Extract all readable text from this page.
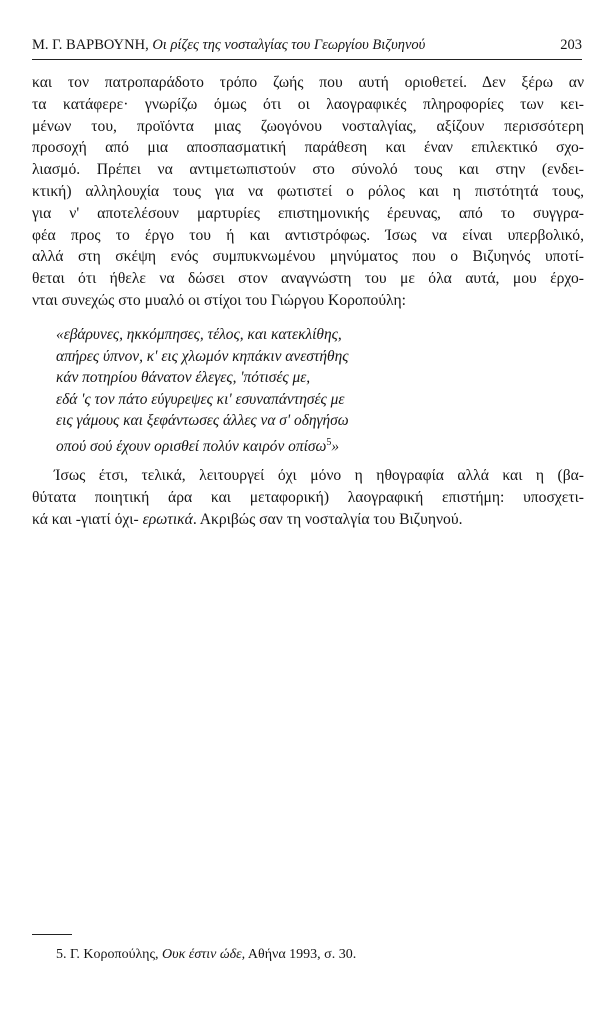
Μ. Γ. ΒΑΡΒΟΥΝΗ, Οι ρίζες της νοσταλγίας του Γεωργίου Βιζυηνού	203
και τον πατροπαράδοτο τρόπο ζωής που αυτή οριοθετεί. Δεν ξέρω αν
τα κατάφερε· γνωρίζω όμως ότι οι λαογραφικές πληροφορίες των κει-
μένων του, προϊόντα μιας ζωογόνου νοσταλγίας, αξίζουν περισσότερη
προσοχή από μια αποσπασματική παράθεση και έναν επιλεκτικό σχο-
λιασμό. Πρέπει να αντιμετωπιστούν στο σύνολό τους και στην (ενδει-
κτική) αλληλουχία τους για να φωτιστεί ο ρόλος και η πιστότητά τους,
για ν' αποτελέσουν μαρτυρίες επιστημονικής έρευνας, από το συγγρα-
φέα προς το έργο του ή και αντιστρόφως. Ίσως να είναι υπερβολικό,
αλλά στη σκέψη ενός συμπυκνωμένου μηνύματος που ο Βιζυηνός υποτί-
θεται ότι ήθελε να δώσει στον αναγνώστη του με όλα αυτά, μου έρχο-
νται συνεχώς στο μυαλό οι στίχοι του Γιώργου Κοροπούλη:
«εβάρυνες, ηκκόμπησες, τέλος, και κατεκλίθης,
απήρες ύπνον, κ' εις χλωμόν κηπάκιν ανεστήθης
κάν ποτηρίου θάνατον έλεγες, 'πότισές με,
εδά 'ς τον πάτο εύγυρεψες κι' εσυναπάντησές με
εις γάμους και ξεφάντωσες άλλες να σ' οδηγήσω
οπού σού έχουν ορισθεί πολύν καιρόν οπίσω$^5$»
Ίσως έτσι, τελικά, λειτουργεί όχι μόνο η ηθογραφία αλλά και η (βα-
θύτατα ποιητική άρα και μεταφορική) λαογραφική επιστήμη: υποσχετι-
κά και -γιατί όχι- ερωτικά. Ακριβώς σαν τη νοσταλγία του Βιζυηνού.
5. Γ. Κοροπούλης, Ουκ έστιν ώδε, Αθήνα 1993, σ. 30.
